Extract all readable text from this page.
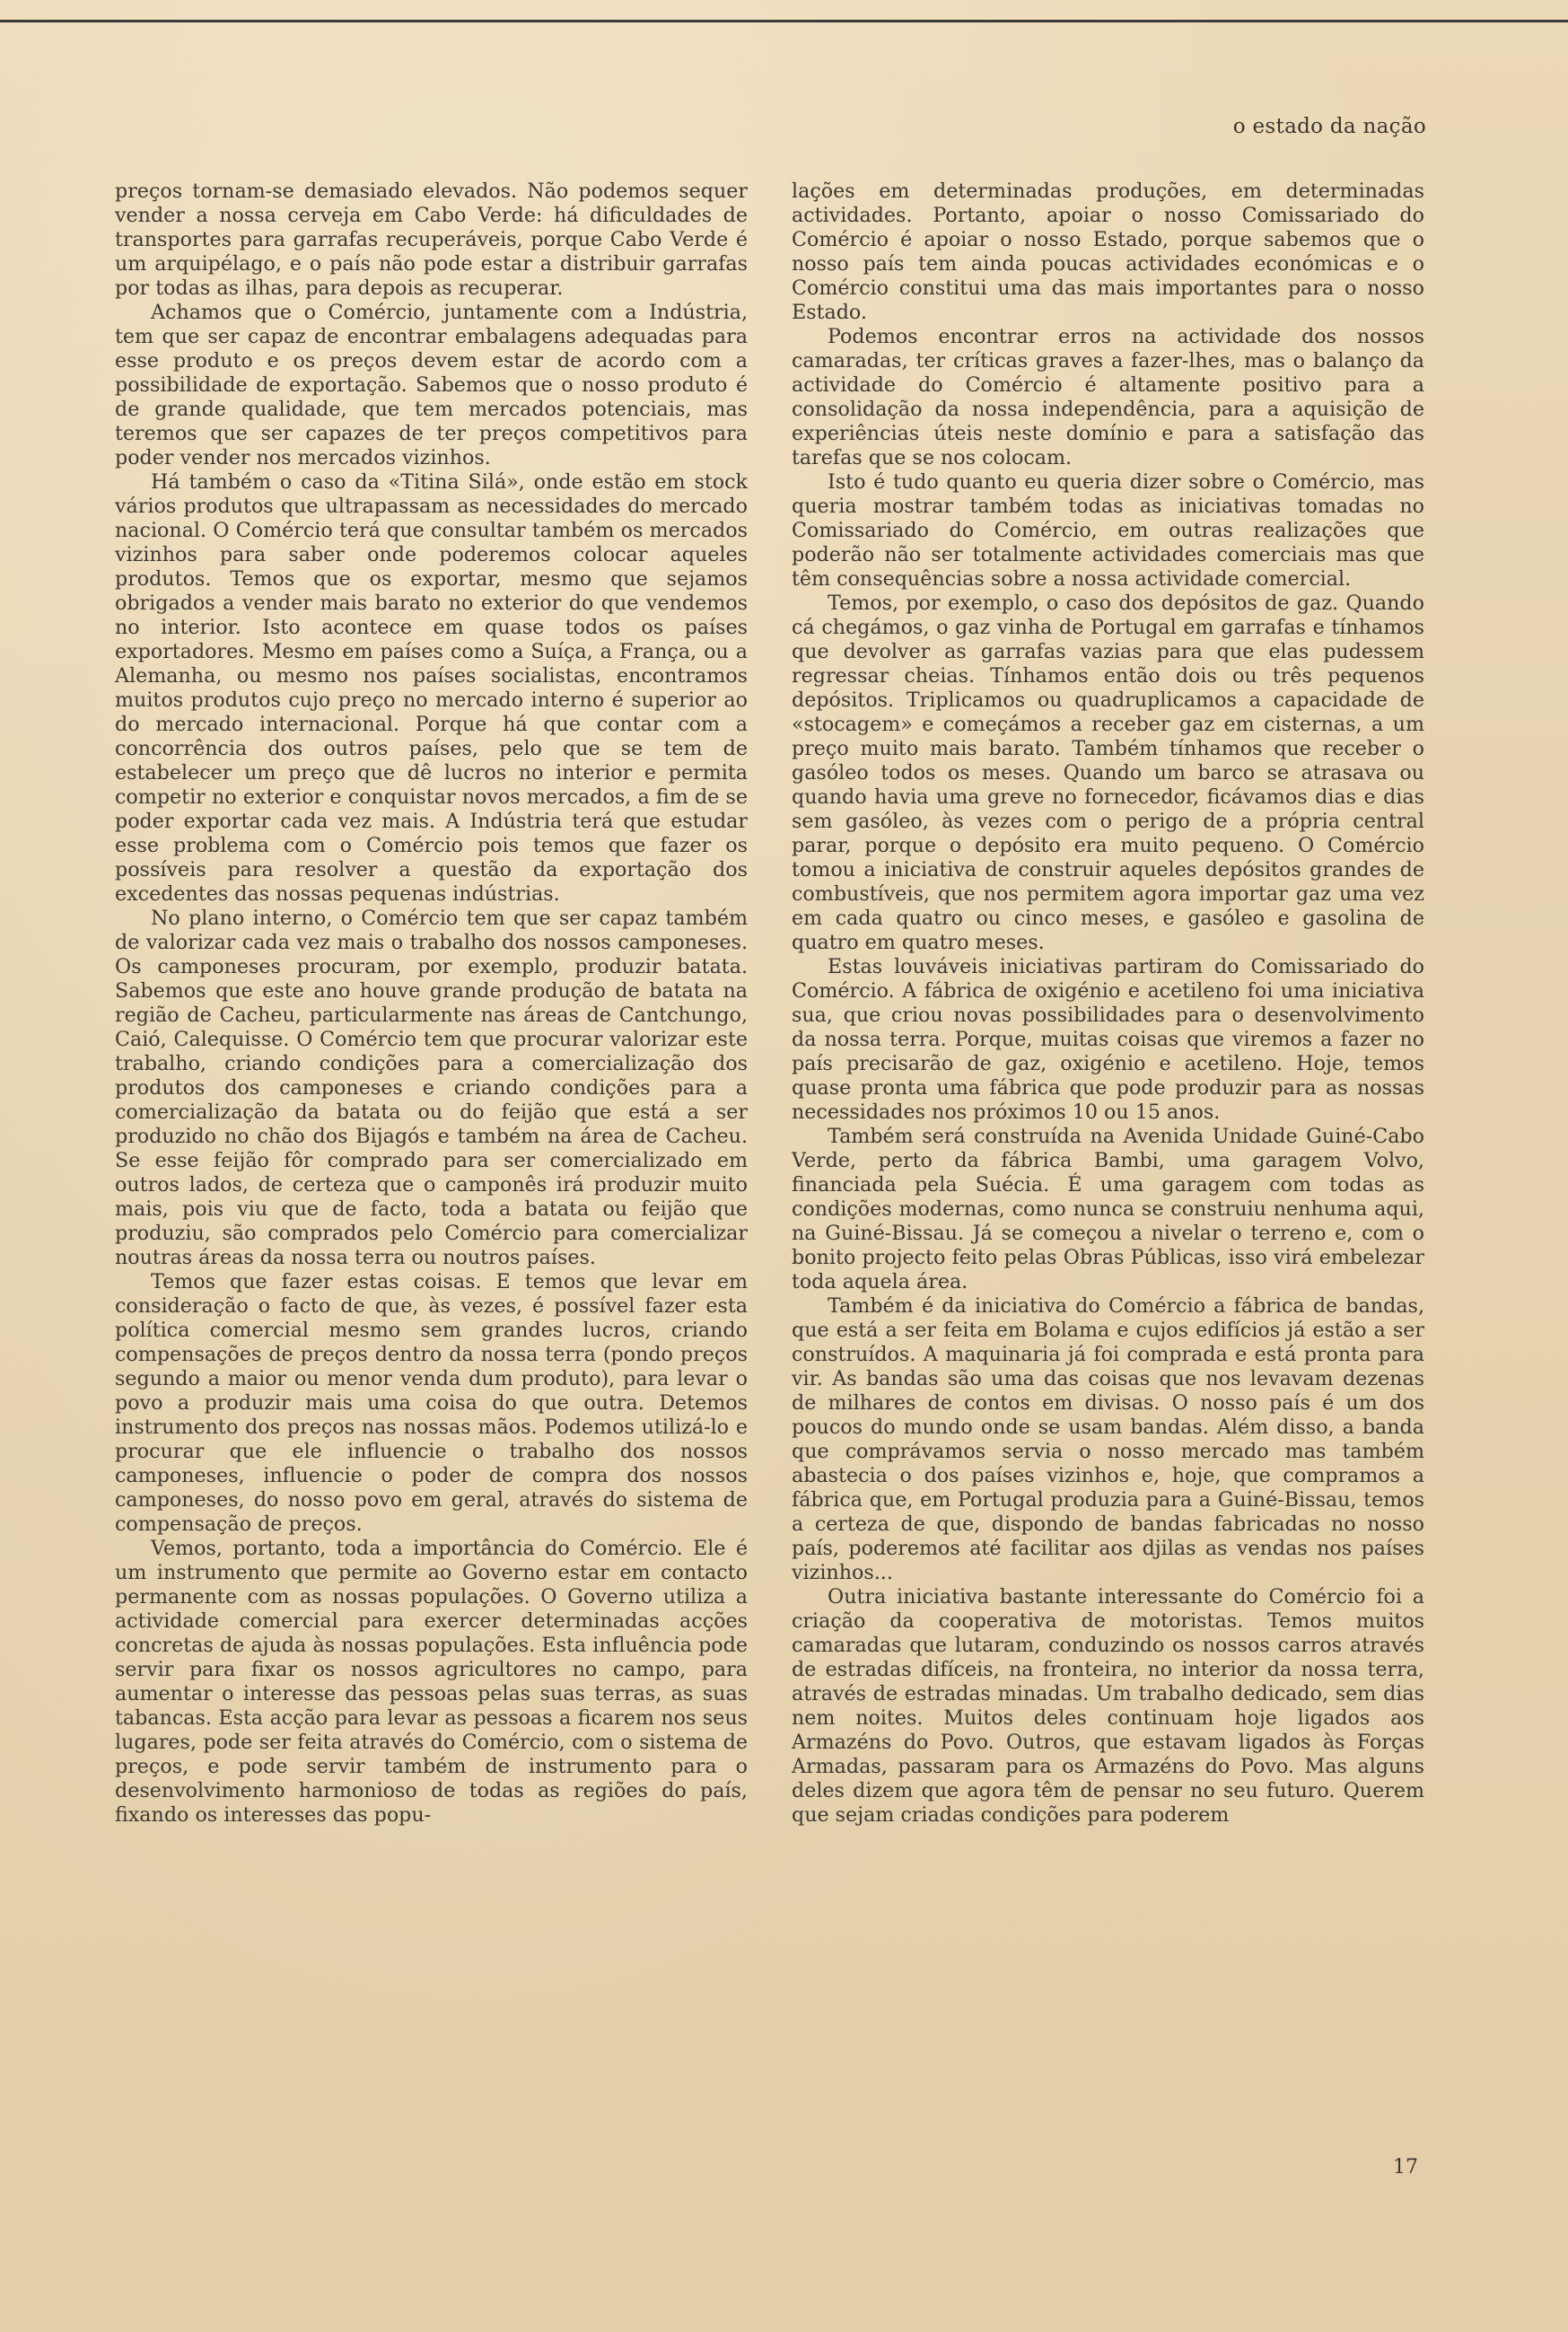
o estado da nação

preços tornam-se demasiado elevados. Não podemos sequer vender a nossa cerveja em Cabo Verde: há dificuldades de transportes para garrafas recuperáveis, porque Cabo Verde é um arquipélago, e o país não pode estar a distribuir garrafas por todas as ilhas, para depois as recuperar.

Achamos que o Comércio, juntamente com a Indústria, tem que ser capaz de encontrar embalagens adequadas para esse produto e os preços devem estar de acordo com a possibilidade de exportação. Sabemos que o nosso produto é de grande qualidade, que tem mercados potenciais, mas teremos que ser capazes de ter preços competitivos para poder vender nos mercados vizinhos.

Há também o caso da «Titina Silá», onde estão em stock vários produtos que ultrapassam as necessidades do mercado nacional. O Comércio terá que consultar também os mercados vizinhos para saber onde poderemos colocar aqueles produtos. Temos que os exportar, mesmo que sejamos obrigados a vender mais barato no exterior do que vendemos no interior. Isto acontece em quase todos os países exportadores. Mesmo em países como a Suíça, a França, ou a Alemanha, ou mesmo nos países socialistas, encontramos muitos produtos cujo preço no mercado interno é superior ao do mercado internacional. Porque há que contar com a concorrência dos outros países, pelo que se tem de estabelecer um preço que dê lucros no interior e permita competir no exterior e conquistar novos mercados, a fim de se poder exportar cada vez mais. A Indústria terá que estudar esse problema com o Comércio pois temos que fazer os possíveis para resolver a questão da exportação dos excedentes das nossas pequenas indústrias.

No plano interno, o Comércio tem que ser capaz também de valorizar cada vez mais o trabalho dos nossos camponeses. Os camponeses procuram, por exemplo, produzir batata. Sabemos que este ano houve grande produção de batata na região de Cacheu, particularmente nas áreas de Cantchungo, Caió, Calequisse. O Comércio tem que procurar valorizar este trabalho, criando condições para a comercialização dos produtos dos camponeses e criando condições para a comercialização da batata ou do feijão que está a ser produzido no chão dos Bijagós e também na área de Cacheu. Se esse feijão fôr comprado para ser comercializado em outros lados, de certeza que o camponês irá produzir muito mais, pois viu que de facto, toda a batata ou feijão que produziu, são comprados pelo Comércio para comercializar noutras áreas da nossa terra ou noutros países.

Temos que fazer estas coisas. E temos que levar em consideração o facto de que, às vezes, é possível fazer esta política comercial mesmo sem grandes lucros, criando compensações de preços dentro da nossa terra (pondo preços segundo a maior ou menor venda dum produto), para levar o povo a produzir mais uma coisa do que outra. Detemos instrumento dos preços nas nossas mãos. Podemos utilizá-lo e procurar que ele influencie o trabalho dos nossos camponeses, influencie o poder de compra dos nossos camponeses, do nosso povo em geral, através do sistema de compensação de preços.

Vemos, portanto, toda a importância do Comércio. Ele é um instrumento que permite ao Governo estar em contacto permanente com as nossas populações. O Governo utiliza a actividade comercial para exercer determinadas acções concretas de ajuda às nossas populações. Esta influência pode servir para fixar os nossos agricultores no campo, para aumentar o interesse das pessoas pelas suas terras, as suas tabancas. Esta acção para levar as pessoas a ficarem nos seus lugares, pode ser feita através do Comércio, com o sistema de preços, e pode servir também de instrumento para o desenvolvimento harmonioso de todas as regiões do país, fixando os interesses das popu-

lações em determinadas produções, em determinadas actividades. Portanto, apoiar o nosso Comissariado do Comércio é apoiar o nosso Estado, porque sabemos que o nosso país tem ainda poucas actividades económicas e o Comércio constitui uma das mais importantes para o nosso Estado.

Podemos encontrar erros na actividade dos nossos camaradas, ter críticas graves a fazer-lhes, mas o balanço da actividade do Comércio é altamente positivo para a consolidação da nossa independência, para a aquisição de experiências úteis neste domínio e para a satisfação das tarefas que se nos colocam.

Isto é tudo quanto eu queria dizer sobre o Comércio, mas queria mostrar também todas as iniciativas tomadas no Comissariado do Comércio, em outras realizações que poderão não ser totalmente actividades comerciais mas que têm consequências sobre a nossa actividade comercial.

Temos, por exemplo, o caso dos depósitos de gaz. Quando cá chegámos, o gaz vinha de Portugal em garrafas e tínhamos que devolver as garrafas vazias para que elas pudessem regressar cheias. Tínhamos então dois ou três pequenos depósitos. Triplicamos ou quadruplicamos a capacidade de «stocagem» e começámos a receber gaz em cisternas, a um preço muito mais barato. Também tínhamos que receber o gasóleo todos os meses. Quando um barco se atrasava ou quando havia uma greve no fornecedor, ficávamos dias e dias sem gasóleo, às vezes com o perigo de a própria central parar, porque o depósito era muito pequeno. O Comércio tomou a iniciativa de construir aqueles depósitos grandes de combustíveis, que nos permitem agora importar gaz uma vez em cada quatro ou cinco meses, e gasóleo e gasolina de quatro em quatro meses.

Estas louváveis iniciativas partiram do Comissariado do Comércio. A fábrica de oxigénio e acetileno foi uma iniciativa sua, que criou novas possibilidades para o desenvolvimento da nossa terra. Porque, muitas coisas que viremos a fazer no país precisarão de gaz, oxigénio e acetileno. Hoje, temos quase pronta uma fábrica que pode produzir para as nossas necessidades nos próximos 10 ou 15 anos.

Também será construída na Avenida Unidade Guiné-Cabo Verde, perto da fábrica Bambi, uma garagem Volvo, financiada pela Suécia. É uma garagem com todas as condições modernas, como nunca se construiu nenhuma aqui, na Guiné-Bissau. Já se começou a nivelar o terreno e, com o bonito projecto feito pelas Obras Públicas, isso virá embelezar toda aquela área.

Também é da iniciativa do Comércio a fábrica de bandas, que está a ser feita em Bolama e cujos edifícios já estão a ser construídos. A maquinaria já foi comprada e está pronta para vir. As bandas são uma das coisas que nos levavam dezenas de milhares de contos em divisas. O nosso país é um dos poucos do mundo onde se usam bandas. Além disso, a banda que comprávamos servia o nosso mercado mas também abastecia o dos países vizinhos e, hoje, que compramos a fábrica que, em Portugal produzia para a Guiné-Bissau, temos a certeza de que, dispondo de bandas fabricadas no nosso país, poderemos até facilitar aos djilas as vendas nos países vizinhos...

Outra iniciativa bastante interessante do Comércio foi a criação da cooperativa de motoristas. Temos muitos camaradas que lutaram, conduzindo os nossos carros através de estradas difíceis, na fronteira, no interior da nossa terra, através de estradas minadas. Um trabalho dedicado, sem dias nem noites. Muitos deles continuam hoje ligados aos Armazéns do Povo. Outros, que estavam ligados às Forças Armadas, passaram para os Armazéns do Povo. Mas alguns deles dizem que agora têm de pensar no seu futuro. Querem que sejam criadas condições para poderem

17
